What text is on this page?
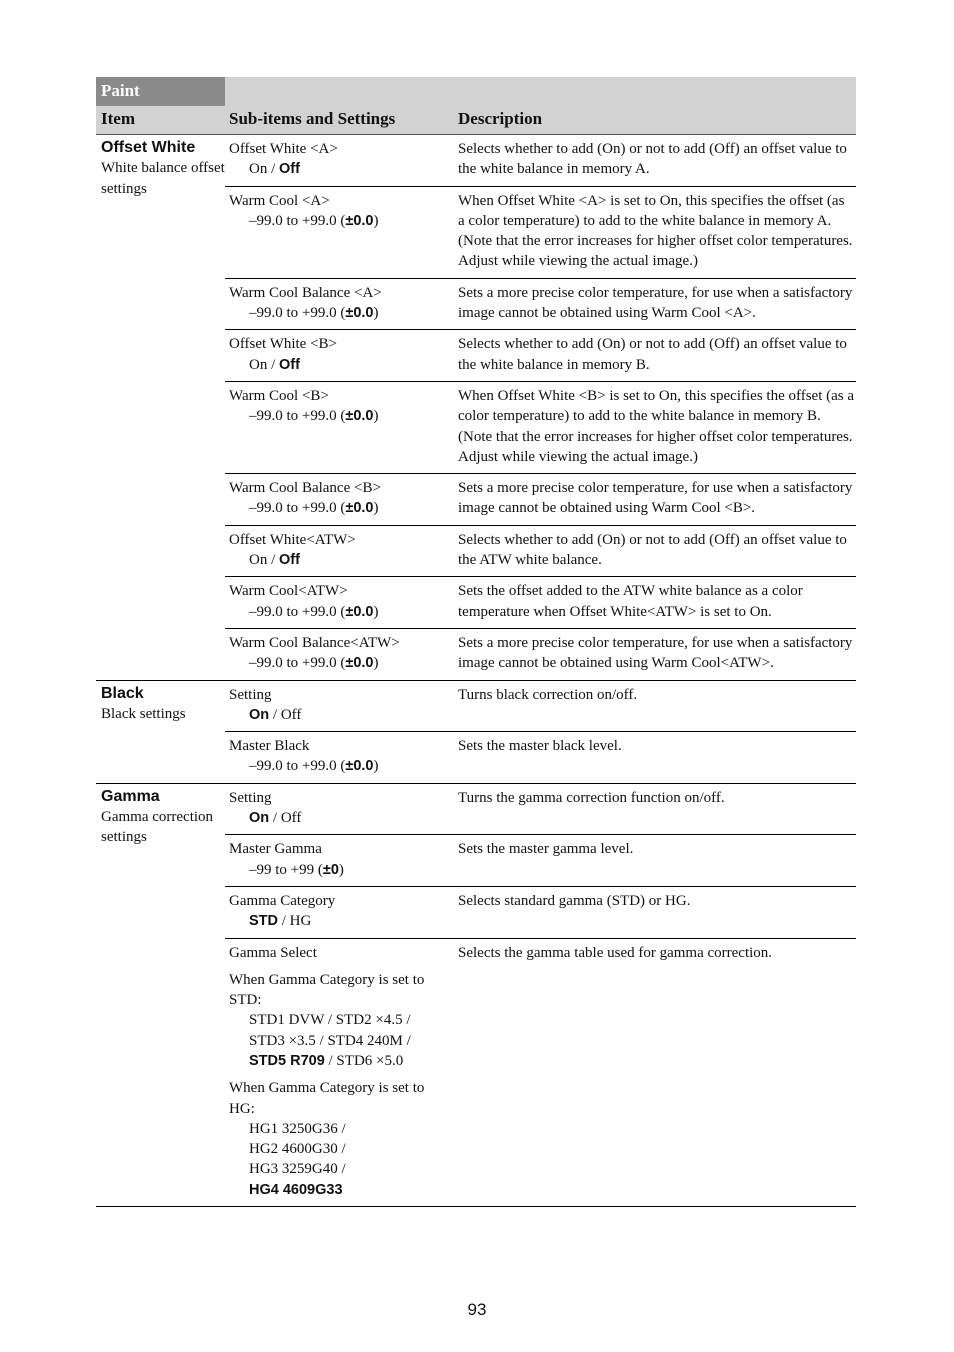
Paint
Item	Sub-items and Settings	Description
Offset White
White balance offset settings
Offset White <A>
On / Off
Selects whether to add (On) or not to add (Off) an offset value to the white balance in memory A.
Warm Cool <A>
–99.0 to +99.0 (±0.0)
When Offset White <A> is set to On, this specifies the offset (as a color temperature) to add to the white balance in memory A. (Note that the error increases for higher offset color temperatures. Adjust while viewing the actual image.)
Warm Cool Balance <A>
–99.0 to +99.0 (±0.0)
Sets a more precise color temperature, for use when a satisfactory image cannot be obtained using Warm Cool <A>.
Offset White <B>
On / Off
Selects whether to add (On) or not to add (Off) an offset value to the white balance in memory B.
Warm Cool <B>
–99.0 to +99.0 (±0.0)
When Offset White <B> is set to On, this specifies the offset (as a color temperature) to add to the white balance in memory B. (Note that the error increases for higher offset color temperatures. Adjust while viewing the actual image.)
Warm Cool Balance <B>
–99.0 to +99.0 (±0.0)
Sets a more precise color temperature, for use when a satisfactory image cannot be obtained using Warm Cool <B>.
Offset White<ATW>
On / Off
Selects whether to add (On) or not to add (Off) an offset value to the ATW white balance.
Warm Cool<ATW>
–99.0 to +99.0 (±0.0)
Sets the offset added to the ATW white balance as a color temperature when Offset White<ATW> is set to On.
Warm Cool Balance<ATW>
–99.0 to +99.0 (±0.0)
Sets a more precise color temperature, for use when a satisfactory image cannot be obtained using Warm Cool<ATW>.
Black
Black settings
Setting
On / Off
Turns black correction on/off.
Master Black
–99.0 to +99.0 (±0.0)
Sets the master black level.
Gamma
Gamma correction settings
Setting
On / Off
Turns the gamma correction function on/off.
Master Gamma
–99 to +99 (±0)
Sets the master gamma level.
Gamma Category
STD / HG
Selects standard gamma (STD) or HG.
Gamma Select
When Gamma Category is set to STD:
STD1 DVW / STD2 ×4.5 /
STD3 ×3.5 / STD4 240M /
STD5 R709 / STD6 ×5.0
When Gamma Category is set to HG:
HG1 3250G36 /
HG2 4600G30 /
HG3 3259G40 /
HG4 4609G33
Selects the gamma table used for gamma correction.
93
